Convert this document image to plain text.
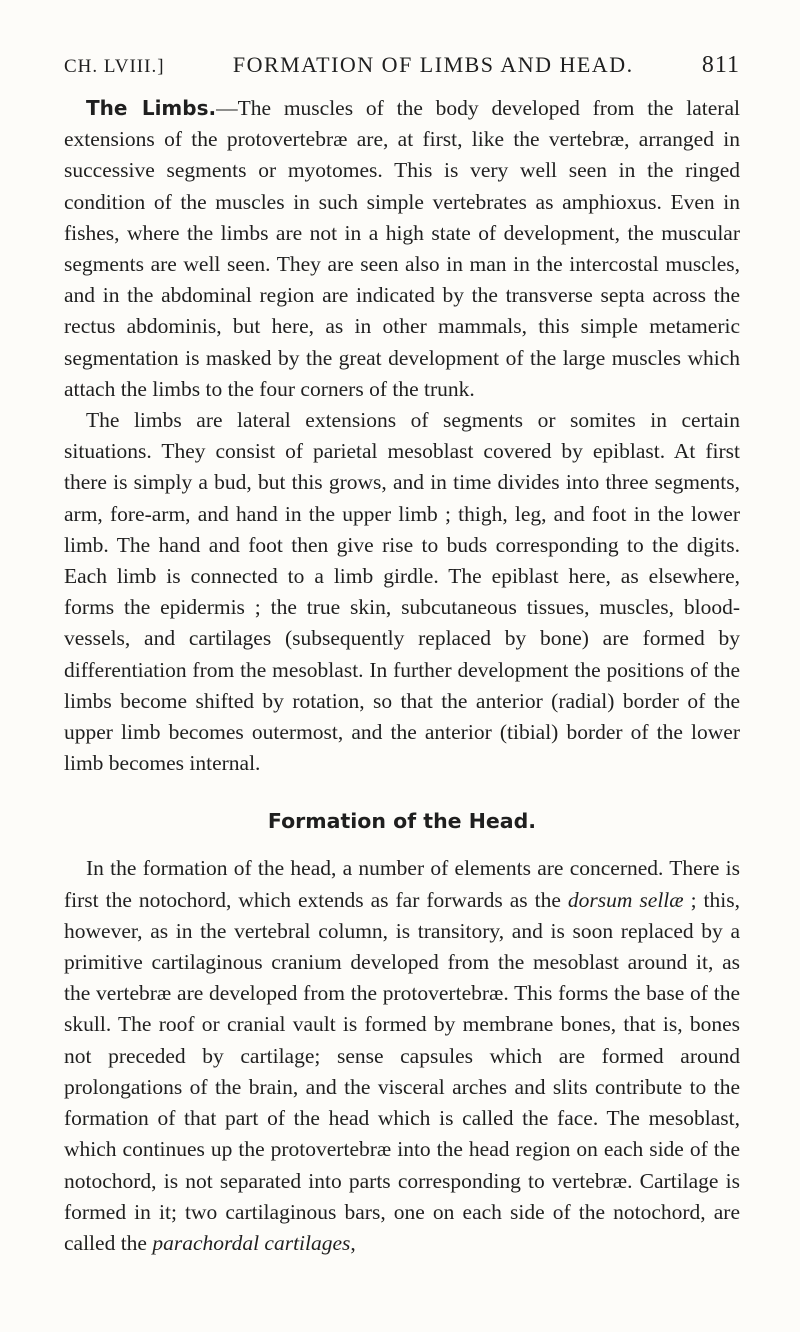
CH. LVIII.]	FORMATION OF LIMBS AND HEAD.	811

The Limbs.—The muscles of the body developed from the lateral extensions of the protovertebræ are, at first, like the vertebræ, arranged in successive segments or myotomes. This is very well seen in the ringed condition of the muscles in such simple vertebrates as amphioxus. Even in fishes, where the limbs are not in a high state of development, the muscular segments are well seen. They are seen also in man in the intercostal muscles, and in the abdominal region are indicated by the transverse septa across the rectus abdominis, but here, as in other mammals, this simple metameric segmentation is masked by the great development of the large muscles which attach the limbs to the four corners of the trunk.

The limbs are lateral extensions of segments or somites in certain situations. They consist of parietal mesoblast covered by epiblast. At first there is simply a bud, but this grows, and in time divides into three segments, arm, fore-arm, and hand in the upper limb ; thigh, leg, and foot in the lower limb. The hand and foot then give rise to buds corresponding to the digits. Each limb is connected to a limb girdle. The epiblast here, as elsewhere, forms the epidermis ; the true skin, subcutaneous tissues, muscles, blood-vessels, and cartilages (subsequently replaced by bone) are formed by differentiation from the mesoblast. In further development the positions of the limbs become shifted by rotation, so that the anterior (radial) border of the upper limb becomes outermost, and the anterior (tibial) border of the lower limb becomes internal.

Formation of the Head.

In the formation of the head, a number of elements are concerned. There is first the notochord, which extends as far forwards as the dorsum sellæ ; this, however, as in the vertebral column, is transitory, and is soon replaced by a primitive cartilaginous cranium developed from the mesoblast around it, as the vertebræ are developed from the protovertebræ. This forms the base of the skull. The roof or cranial vault is formed by membrane bones, that is, bones not preceded by cartilage; sense capsules which are formed around prolongations of the brain, and the visceral arches and slits contribute to the formation of that part of the head which is called the face. The mesoblast, which continues up the protovertebræ into the head region on each side of the notochord, is not separated into parts corresponding to vertebræ. Cartilage is formed in it; two cartilaginous bars, one on each side of the notochord, are called the parachordal cartilages,
